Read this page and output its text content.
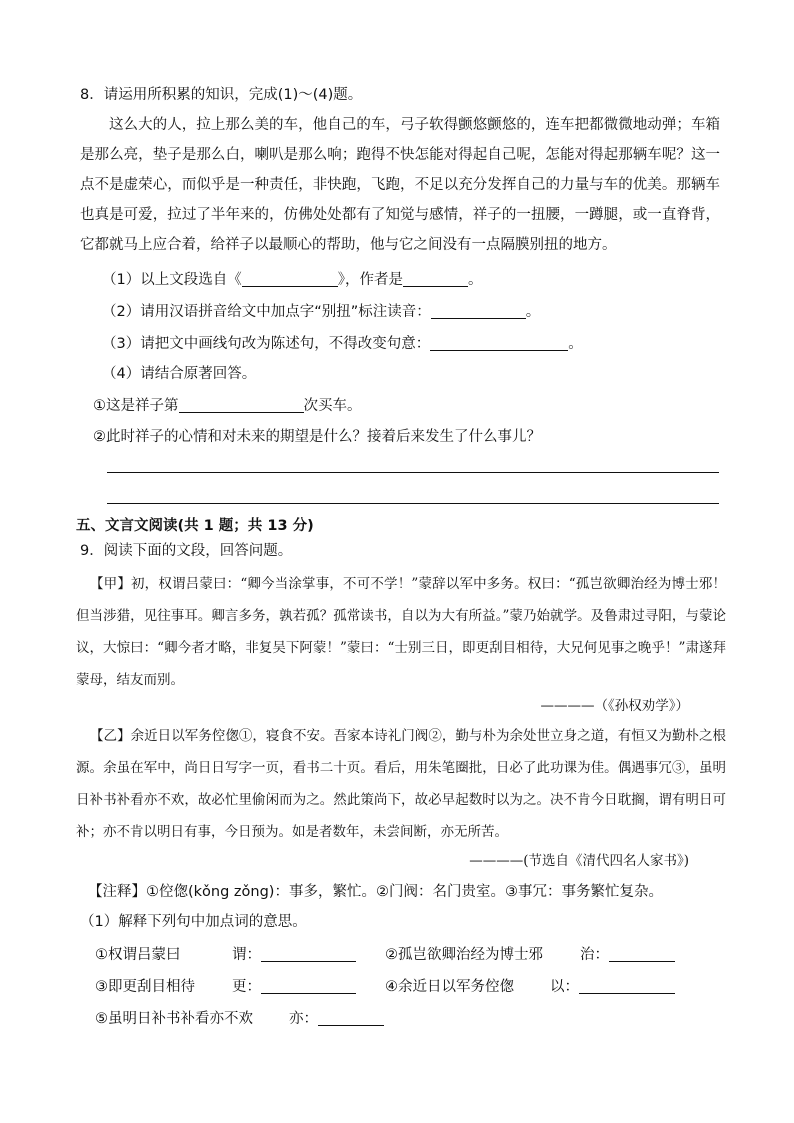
8．请运用所积累的知识，完成(1)～(4)题。
这么大的人，拉上那么美的车，他自己的车，弓子软得颤悠颤悠的，连车把都微微地动弹；车箱是那么亮，垫子是那么白，喇叭是那么响；跑得不快怎能对得起自己呢，怎能对得起那辆车呢？这一点不是虚荣心，而似乎是一种责任，非快跑，飞跑，不足以充分发挥自己的力量与车的优美。那辆车也真是可爱，拉过了半年来的，仿佛处处都有了知觉与感情，祥子的一扭腰，一蹲腿，或一直脊背，它都就马上应合着，给祥子以最顺心的帮助，他与它之间没有一点隔膜别扭的地方。
（1）以上文段选自《	》，作者是	。
（2）请用汉语拼音给文中加点字“别扭”标注读音：	。
（3）请把文中画线句改为陈述句，不得改变句意：	。
（4）请结合原著回答。
①这是祥子第	次买车。
②此时祥子的心情和对未来的期望是什么？接着后来发生了什么事儿？
五、文言文阅读(共 1 题；共 13 分)
9．阅读下面的文段，回答问题。
【甲】初，权谓吕蒙曰：“卿今当涂掌事，不可不学！”蒙辞以军中多务。权曰：“孤岂欲卿治经为博士邪！但当涉猎，见往事耳。卿言多务，孰若孤？孤常读书，自以为大有所益。”蒙乃始就学。及鲁肃过寻阳，与蒙论议，大惊曰：“卿今者才略，非复吴下阿蒙！”蒙曰：“士别三日，即更刮目相待，大兄何见事之晚乎！”肃遂拜蒙母，结友而别。
————（《孙权劝学》）
【乙】余近日以军务倥偬①，寝食不安。吾家本诗礼门阀②，勤与朴为余处世立身之道，有恒又为勤朴之根源。余虽在军中，尚日日写字一页，看书二十页。看后，用朱笔圈批，日必了此功课为佳。偶遇事冗③，虽明日补书补看亦不欢，故必忙里偷闲而为之。然此策尚下，故必早起数时以为之。决不肯今日耽搁，谓有明日可补；亦不肯以明日有事，今日预为。如是者数年，未尝间断，亦无所苦。
————(节选自《清代四名人家书》)
【注释】①倥偬(kǒng zǒng)：事多，繁忙。②门阀：名门贵室。③事冗：事务繁忙复杂。
（1）解释下列句中加点词的意思。
①权谓吕蒙曰	谓：	②孤岂欲卿治经为博士邪	治：
③即更刮目相待	更：	④余近日以军务倥偬 以：
⑤虽明日补书补看亦不欢 亦：
